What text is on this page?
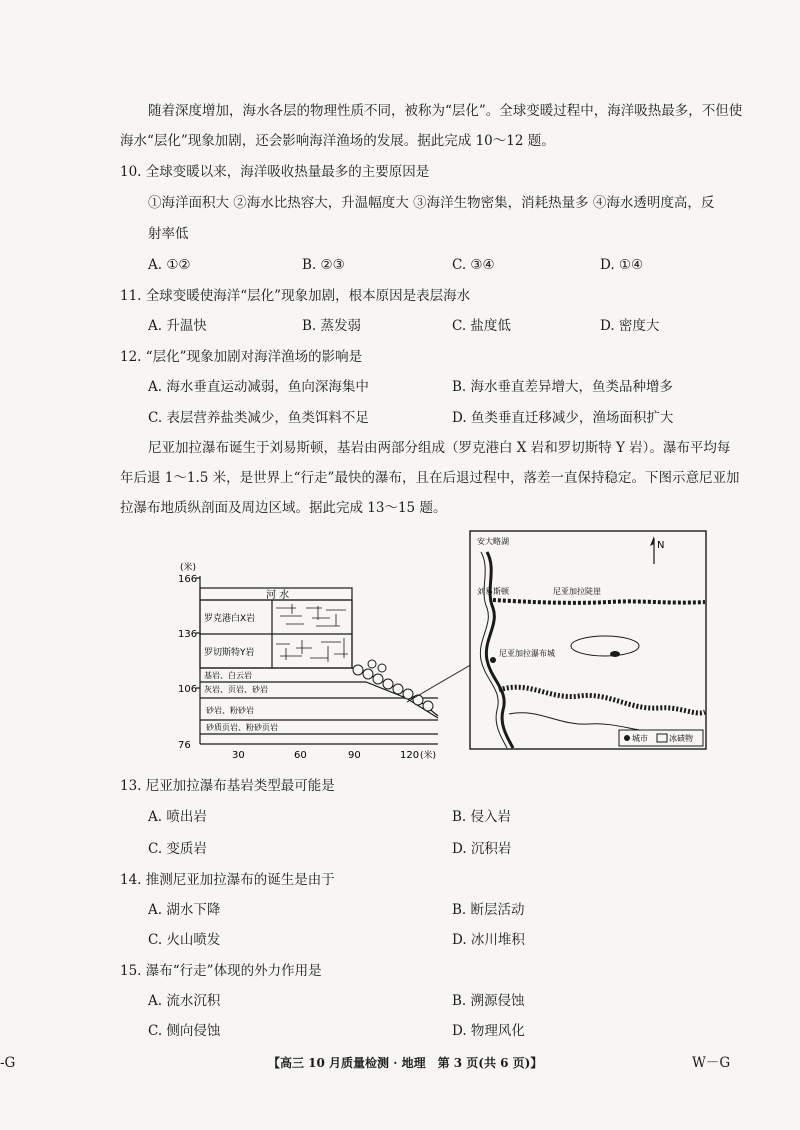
随着深度增加，海水各层的物理性质不同，被称为“层化”。全球变暖过程中，海洋吸热最多，不但使
海水“层化”现象加剧，还会影响海洋渔场的发展。据此完成 10～12 题。
10. 全球变暖以来，海洋吸收热量最多的主要原因是
①海洋面积大 ②海水比热容大，升温幅度大 ③海洋生物密集，消耗热量多 ④海水透明度高，反
射率低
A. ①②	B. ②③	C. ③④	D. ①④
11. 全球变暖使海洋“层化”现象加剧，根本原因是表层海水
A. 升温快	B. 蒸发弱	C. 盐度低	D. 密度大
12. “层化”现象加剧对海洋渔场的影响是
A. 海水垂直运动减弱，鱼向深海集中	B. 海水垂直差异增大，鱼类品种增多
C. 表层营养盐类减少，鱼类饵料不足	D. 鱼类垂直迁移减少，渔场面积扩大
尼亚加拉瀑布诞生于刘易斯顿，基岩由两部分组成（罗克港白 X 岩和罗切斯特 Y 岩）。瀑布平均每
年后退 1～1.5 米，是世界上“行走”最快的瀑布，且在后退过程中，落差一直保持稳定。下图示意尼亚加
拉瀑布地质纵剖面及周边区域。据此完成 13～15 题。
(米)
166
136
106
76
30	60	90	120 (米)
河 水
罗克港白X岩
罗切斯特Y岩
基岩、白云岩
灰岩、页岩、砂岩
砂岩、粉砂岩
砂质页岩、粉砂页岩
N
安大略湖
刘易斯顿	尼亚加拉陡崖
尼亚加拉瀑布城
城市	冰碛物
13. 尼亚加拉瀑布基岩类型最可能是
A. 喷出岩	B. 侵入岩
C. 变质岩	D. 沉积岩
14. 推测尼亚加拉瀑布的诞生是由于
A. 湖水下降	B. 断层活动
C. 火山喷发	D. 冰川堆积
15. 瀑布“行走”体现的外力作用是
A. 流水沉积	B. 溯源侵蚀
C. 侧向侵蚀	D. 物理风化
-G	【高三 10 月质量检测 · 地理　第 3 页(共 6 页)】	W－G
